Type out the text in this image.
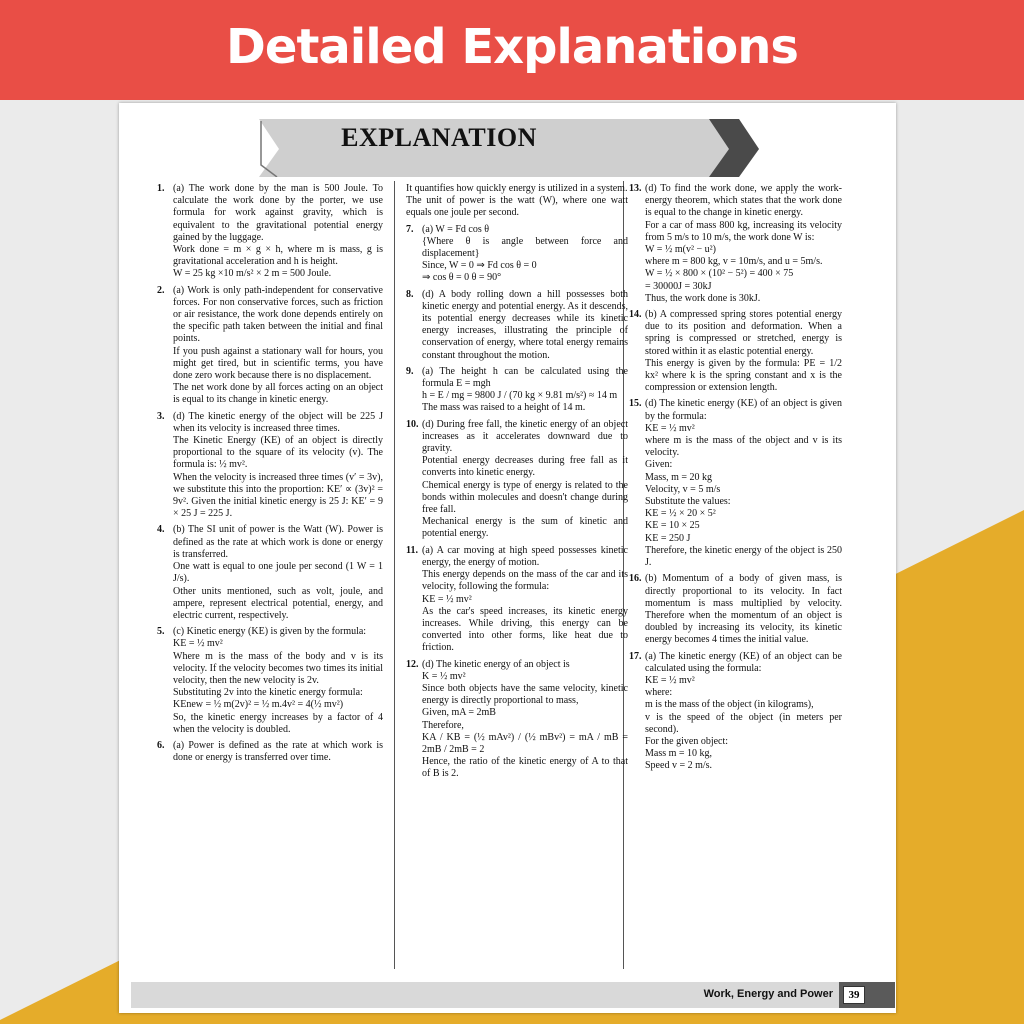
Detailed Explanations
EXPLANATION
1. (a) The work done by the man is 500 Joule. To calculate the work done by the porter, we use formula for work against gravity, which is equivalent to the gravitational potential energy gained by the luggage.

Work done = m × g × h, where m is mass, g is gravitational acceleration and h is height.

W = 25 kg ×10 m/s² × 2 m = 500 Joule.

2. (a) Work is only path-independent for conservative forces. For non conservative forces, such as friction or air resistance, the work done depends entirely on the specific path taken between the initial and final points.

If you push against a stationary wall for hours, you might get tired, but in scientific terms, you have done zero work because there is no displacement.

The net work done by all forces acting on an object is equal to its change in kinetic energy.

3. (d) The kinetic energy of the object will be 225 J when its velocity is increased three times.

The Kinetic Energy (KE) of an object is directly proportional to the square of its velocity (v). The formula is: ½ mv².

When the velocity is increased three times (v′ = 3v), we substitute this into the proportion: KE′ ∝ (3v)² = 9v². Given the initial kinetic energy is 25 J: KE′ = 9 × 25 J = 225 J.

4. (b) The SI unit of power is the Watt (W). Power is defined as the rate at which work is done or energy is transferred.

One watt is equal to one joule per second (1 W = 1 J/s).

Other units mentioned, such as volt, joule, and ampere, represent electrical potential, energy, and electric current, respectively.

5. (c) Kinetic energy (KE) is given by the formula:

KE = ½ mv²

Where m is the mass of the body and v is its velocity. If the velocity becomes two times its initial velocity, then the new velocity is 2v.

Substituting 2v into the kinetic energy formula:

KEnew = ½ m(2v)² = ½ m.4v² = 4(½ mv²)

So, the kinetic energy increases by a factor of 4 when the velocity is doubled.

6. (a) Power is defined as the rate at which work is done or energy is transferred over time.

It quantifies how quickly energy is utilized in a system.

The unit of power is the watt (W), where one watt equals one joule per second.

7. (a) W = Fd cos θ

{Where θ is angle between force and displacement}

Since, W = 0 ⇒ Fd cos θ = 0

⇒ cos θ = 0 θ = 90°

8. (d) A body rolling down a hill possesses both kinetic energy and potential energy. As it descends, its potential energy decreases while its kinetic energy increases, illustrating the principle of conservation of energy, where total energy remains constant throughout the motion.

9. (a) The height h can be calculated using the formula E = mgh

h = E / mg = 9800 J / (70 kg × 9.81 m/s²) ≈ 14 m

The mass was raised to a height of 14 m.

10. (d) During free fall, the kinetic energy of an object increases as it accelerates downward due to gravity.

Potential energy decreases during free fall as it converts into kinetic energy.

Chemical energy is type of energy is related to the bonds within molecules and doesn't change during free fall.

Mechanical energy is the sum of kinetic and potential energy.

11. (a) A car moving at high speed possesses kinetic energy, the energy of motion.

This energy depends on the mass of the car and its velocity, following the formula:

KE = ½ mv²

As the car's speed increases, its kinetic energy increases. While driving, this energy can be converted into other forms, like heat due to friction.

12. (d) The kinetic energy of an object is

K = ½ mv²

Since both objects have the same velocity, kinetic energy is directly proportional to mass,

Given, mA = 2mB

Therefore,

KA / KB = (½ mAv²) / (½ mBv²) = mA / mB = 2mB / 2mB = 2

Hence, the ratio of the kinetic energy of A to that of B is 2.

13. (d) To find the work done, we apply the work-energy theorem, which states that the work done is equal to the change in kinetic energy.

For a car of mass 800 kg, increasing its velocity from 5 m/s to 10 m/s, the work done W is:

W = ½ m(v² − u²)

where m = 800 kg, v = 10m/s, and u = 5m/s.

W = ½ × 800 × (10² − 5²) = 400 × 75

= 30000J = 30kJ

Thus, the work done is 30kJ.

14. (b) A compressed spring stores potential energy due to its position and deformation. When a spring is compressed or stretched, energy is stored within it as elastic potential energy.

This energy is given by the formula: PE = 1/2 kx² where k is the spring constant and x is the compression or extension length.

15. (d) The kinetic energy (KE) of an object is given by the formula:

KE = ½ mv²

where m is the mass of the object and v is its velocity.

Given:

Mass, m = 20 kg

Velocity, v = 5 m/s

Substitute the values:

KE = ½ × 20 × 5²

KE = 10 × 25

KE = 250 J

Therefore, the kinetic energy of the object is 250 J.

16. (b) Momentum of a body of given mass, is directly proportional to its velocity. In fact momentum is mass multiplied by velocity. Therefore when the momentum of an object is doubled by increasing its velocity, its kinetic energy becomes 4 times the initial value.

17. (a) The kinetic energy (KE) of an object can be calculated using the formula:

KE = ½ mv²

where:

m is the mass of the object (in kilograms),

v is the speed of the object (in meters per second).

For the given object:

Mass m = 10 kg,

Speed v = 2 m/s.

Work, Energy and Power	39
